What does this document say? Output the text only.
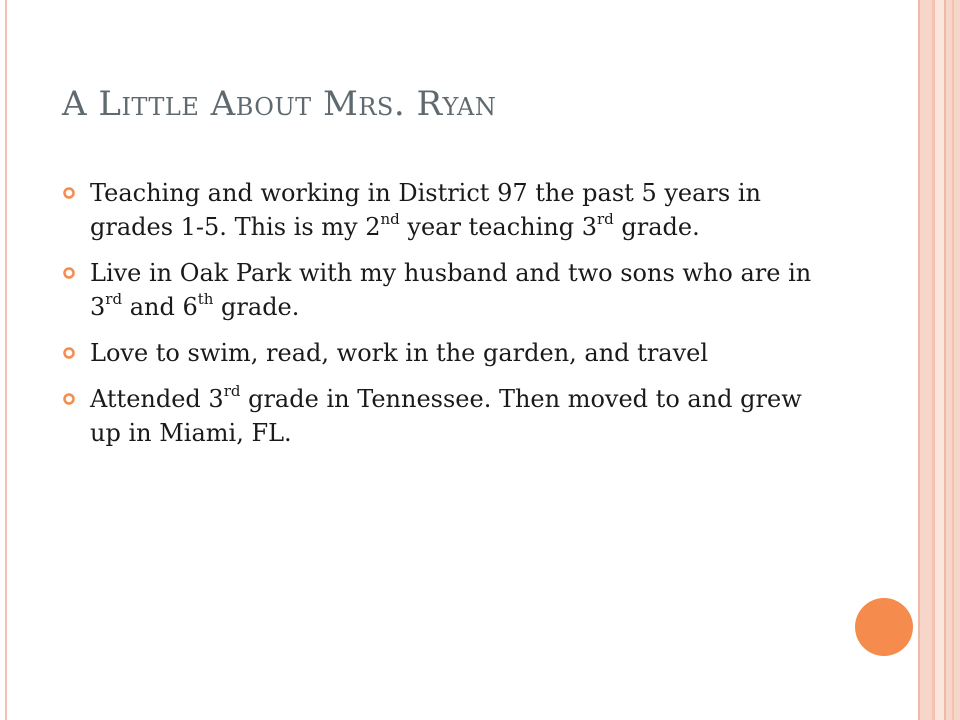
A Little About Mrs. Ryan
Teaching and working in District 97 the past 5 years in grades 1-5. This is my 2nd year teaching 3rd grade.
Live in Oak Park with my husband and two sons who are in 3rd and 6th grade.
Love to swim, read, work in the garden, and travel
Attended 3rd grade in Tennessee. Then moved to and grew up in Miami, FL.
